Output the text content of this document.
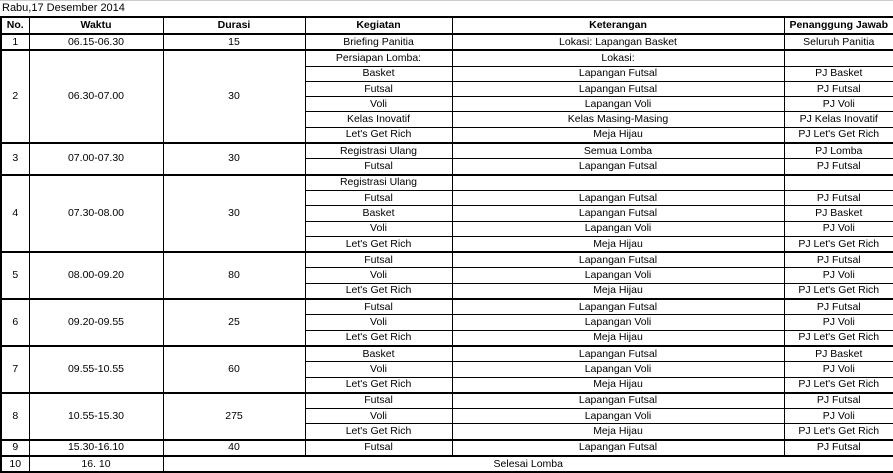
Rabu,17 Desember 2014
No.	Waktu	Durasi	Kegiatan	Keterangan	Penanggung Jawab
1	06.15-06.30	15	Briefing Panitia	Lokasi: Lapangan Basket	Seluruh Panitia
2	06.30-07.00	30	Persiapan Lomba:	Lokasi:	
			Basket	Lapangan Futsal	PJ Basket
			Futsal	Lapangan Futsal	PJ Futsal
			Voli	Lapangan Voli	PJ Voli
			Kelas Inovatif	Kelas Masing-Masing	PJ Kelas Inovatif
			Let's Get Rich	Meja Hijau	PJ Let's Get Rich
3	07.00-07.30	30	Registrasi Ulang	Semua Lomba	PJ Lomba
			Futsal	Lapangan Futsal	PJ Futsal
4	07.30-08.00	30	Registrasi Ulang		
			Futsal	Lapangan Futsal	PJ Futsal
			Basket	Lapangan Futsal	PJ Basket
			Voli	Lapangan Voli	PJ Voli
			Let's Get Rich	Meja Hijau	PJ Let's Get Rich
5	08.00-09.20	80	Futsal	Lapangan Futsal	PJ Futsal
			Voli	Lapangan Voli	PJ Voli
			Let's Get Rich	Meja Hijau	PJ Let's Get Rich
6	09.20-09.55	25	Futsal	Lapangan Futsal	PJ Futsal
			Voli	Lapangan Voli	PJ Voli
			Let's Get Rich	Meja Hijau	PJ Let's Get Rich
7	09.55-10.55	60	Basket	Lapangan Futsal	PJ Basket
			Voli	Lapangan Voli	PJ Voli
			Let's Get Rich	Meja Hijau	PJ Let's Get Rich
8	10.55-15.30	275	Futsal	Lapangan Futsal	PJ Futsal
			Voli	Lapangan Voli	PJ Voli
			Let's Get Rich	Meja Hijau	PJ Let's Get Rich
9	15.30-16.10	40	Futsal	Lapangan Futsal	PJ Futsal
10	16. 10	Selesai Lomba			
